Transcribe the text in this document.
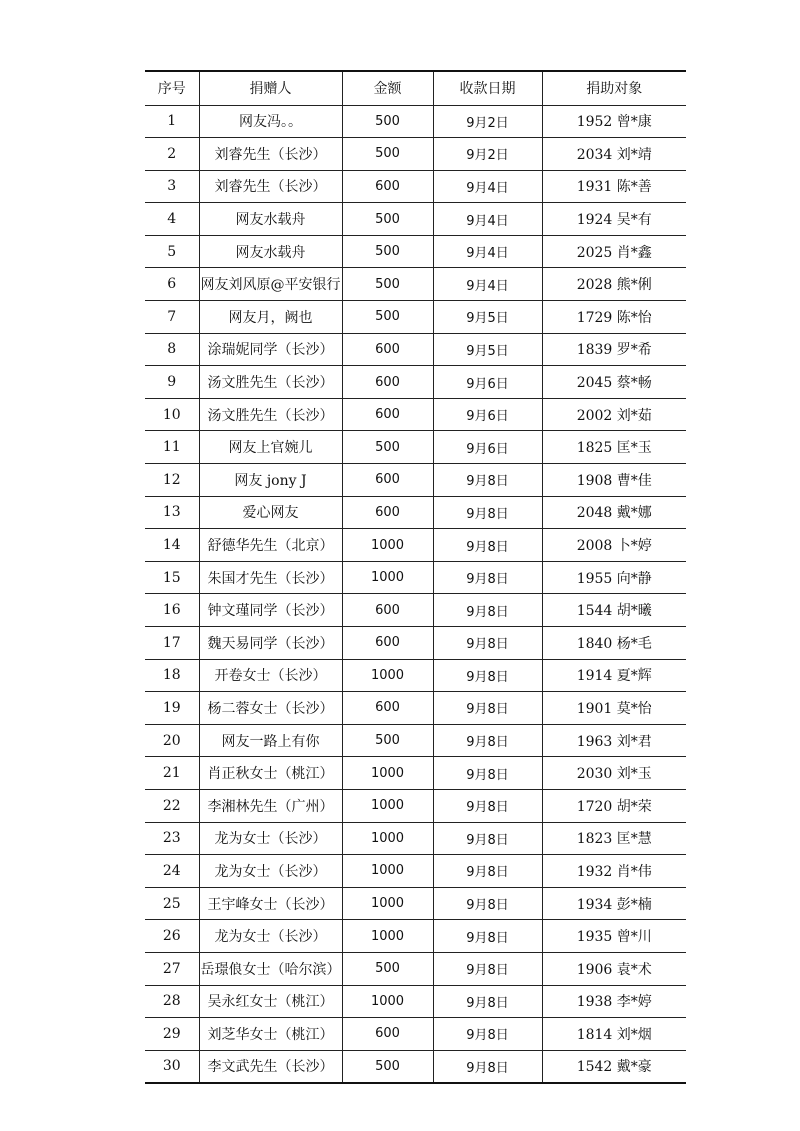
序号	捐赠人	金额	收款日期	捐助对象
1	网友冯。。	500	9月2日	1952 曾*康
2	刘睿先生（长沙）	500	9月2日	2034 刘*靖
3	刘睿先生（长沙）	600	9月4日	1931 陈*善
4	网友水载舟	500	9月4日	1924 吴*有
5	网友水载舟	500	9月4日	2025 肖*鑫
6	网友刘风原@平安银行	500	9月4日	2028 熊*俐
7	网友月，阙也	500	9月5日	1729 陈*怡
8	涂瑞妮同学（长沙）	600	9月5日	1839 罗*希
9	汤文胜先生（长沙）	600	9月6日	2045 蔡*畅
10	汤文胜先生（长沙）	600	9月6日	2002 刘*茹
11	网友上官婉儿	500	9月6日	1825 匡*玉
12	网友 jony J	600	9月8日	1908 曹*佳
13	爱心网友	600	9月8日	2048 戴*娜
14	舒德华先生（北京）	1000	9月8日	2008 卜*婷
15	朱国才先生（长沙）	1000	9月8日	1955 向*静
16	钟文瑾同学（长沙）	600	9月8日	1544 胡*曦
17	魏天易同学（长沙）	600	9月8日	1840 杨*毛
18	开卷女士（长沙）	1000	9月8日	1914 夏*辉
19	杨二蓉女士（长沙）	600	9月8日	1901 莫*怡
20	网友一路上有你	500	9月8日	1963 刘*君
21	肖正秋女士（桃江）	1000	9月8日	2030 刘*玉
22	李湘林先生（广州）	1000	9月8日	1720 胡*荣
23	龙为女士（长沙）	1000	9月8日	1823 匡*慧
24	龙为女士（长沙）	1000	9月8日	1932 肖*伟
25	王宇峰女士（长沙）	1000	9月8日	1934 彭*楠
26	龙为女士（长沙）	1000	9月8日	1935 曾*川
27	岳璟俍女士（哈尔滨）	500	9月8日	1906 袁*术
28	吴永红女士（桃江）	1000	9月8日	1938 李*婷
29	刘芝华女士（桃江）	600	9月8日	1814 刘*烟
30	李文武先生（长沙）	500	9月8日	1542 戴*豪
